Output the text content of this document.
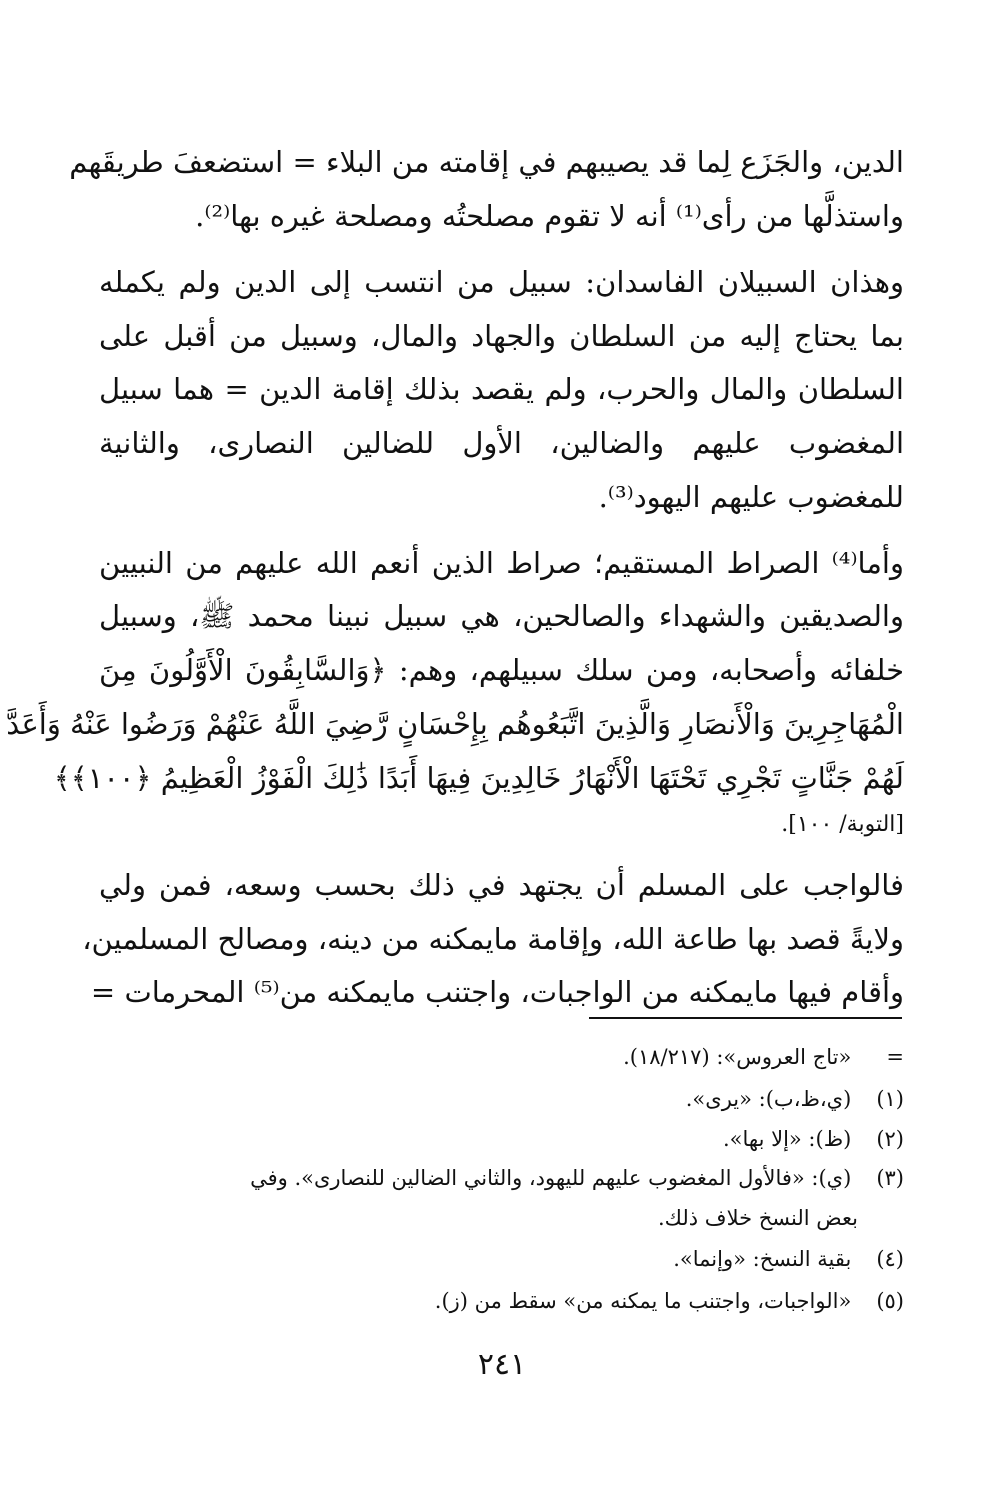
الدين، والجَزَع لِما قد يصيبهم في إقامته من البلاء = استضعفَ طريقَهم
واستذلَّها من رأى⁽¹⁾ أنه لا تقوم مصلحتُه ومصلحة غيره بها⁽²⁾.
وهذان السبيلان الفاسدان: سبيل من انتسب إلى الدين ولم يكمله
بما يحتاج إليه من السلطان والجهاد والمال، وسبيل من أقبل على
السلطان والمال والحرب، ولم يقصد بذلك إقامة الدين = هما سبيل
المغضوب عليهم والضالين، الأول للضالين النصارى، والثانية
للمغضوب عليهم اليهود⁽³⁾.
وأما⁽⁴⁾ الصراط المستقيم؛ صراط الذين أنعم الله عليهم من النبيين
والصديقين والشهداء والصالحين، هي سبيل نبينا محمد ﷺ، وسبيل
خلفائه وأصحابه، ومن سلك سبيلهم، وهم: ﴿وَالسَّابِقُونَ الْأَوَّلُونَ مِنَ
الْمُهَاجِرِينَ وَالْأَنصَارِ وَالَّذِينَ اتَّبَعُوهُم بِإِحْسَانٍ رَّضِيَ اللَّهُ عَنْهُمْ وَرَضُوا عَنْهُ وَأَعَدَّ
لَهُمْ جَنَّاتٍ تَجْرِي تَحْتَهَا الْأَنْهَارُ خَالِدِينَ فِيهَا أَبَدًا ذَٰلِكَ الْفَوْزُ الْعَظِيمُ ﴿١٠٠﴾﴾
[التوبة/ ١٠٠].
فالواجب على المسلم أن يجتهد في ذلك بحسب وسعه، فمن ولي
ولايةً قصد بها طاعة الله، وإقامة مايمكنه من دينه، ومصالح المسلمين،
وأقام فيها مايمكنه من الواجبات، واجتنب مايمكنه من⁽⁵⁾ المحرمات =
= «تاج العروس»: (١٨/٢١٧).
(١) (ي،ظ،ب): «يرى».
(٢) (ظ): «إلا بها».
(٣) (ي): «فالأول المغضوب عليهم لليهود، والثاني الضالين للنصارى». وفي
بعض النسخ خلاف ذلك.
(٤) بقية النسخ: «وإنما».
(٥) «الواجبات، واجتنب ما يمكنه من» سقط من (ز).
٢٤١
